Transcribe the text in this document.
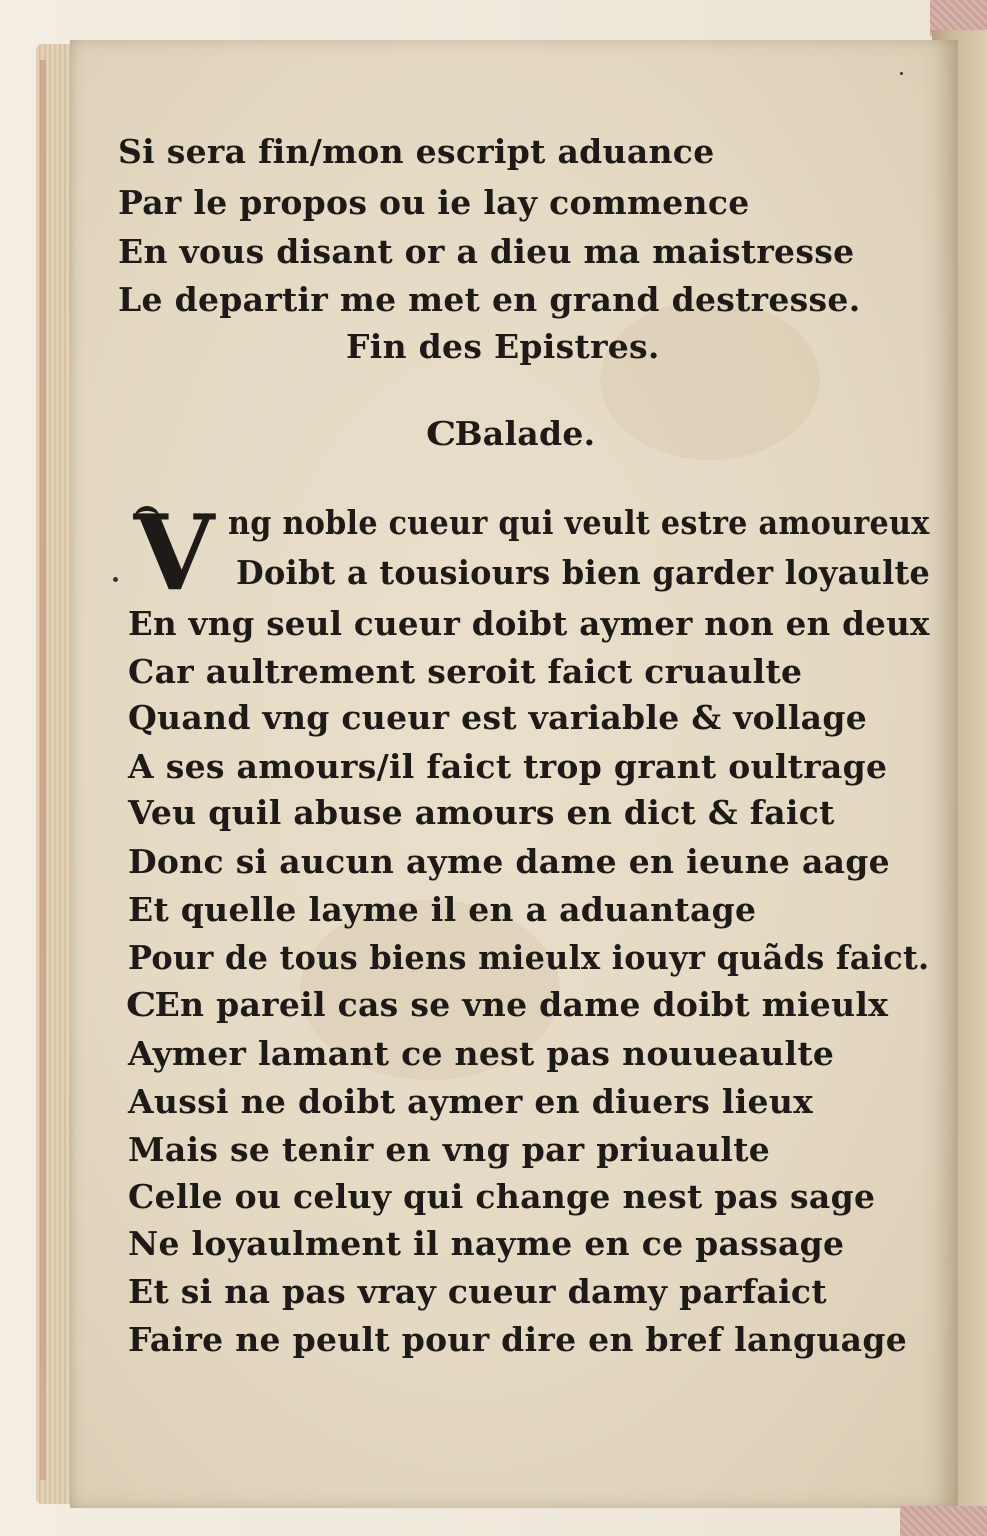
Si sera fin/mon escript aduance
Par le propos ou ie lay commence
En vous disant or a dieu ma maistresse
Le departir me met en grand destresse.
Fin des Epistres.
CBalade.
V ng noble cueur qui veult estre amoureux
Doibt a tousiours bien garder loyaulte
En vng seul cueur doibt aymer non en deux
Car aultrement seroit faict cruaulte
Quand vng cueur est variable & vollage
A ses amours/il faict trop grant oultrage
Veu quil abuse amours en dict & faict
Donc si aucun ayme dame en ieune aage
Et quelle layme il en a aduantage
Pour de tous biens mieulx iouyr quãds faict.
CEn pareil cas se vne dame doibt mieulx
Aymer lamant ce nest pas nouueaulte
Aussi ne doibt aymer en diuers lieux
Mais se tenir en vng par priuaulte
Celle ou celuy qui change nest pas sage
Ne loyaulment il nayme en ce passage
Et si na pas vray cueur damy parfaict
Faire ne peult pour dire en bref language
